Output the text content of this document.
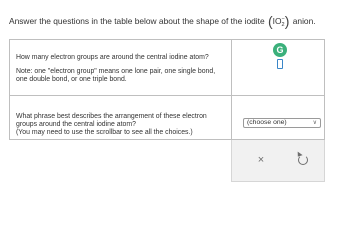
Answer the questions in the table below about the shape of the iodite $(IO_2^-)$ anion.
How many electron groups are around the central iodine atom?
Note: one "electron group" means one lone pair, one single bond, one double bond, or one triple bond.
G
What phrase best describes the arrangement of these electron groups around the central iodine atom?
(You may need to use the scrollbar to see all the choices.)
(choose one)	∨
×
